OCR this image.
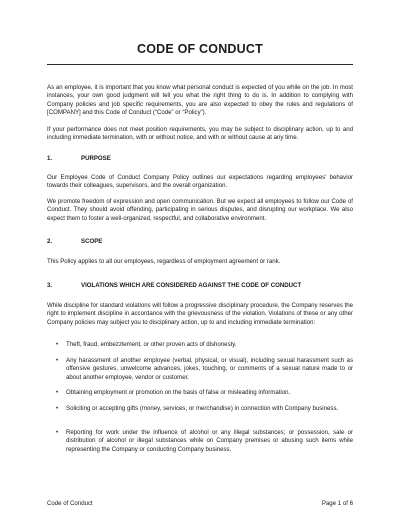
CODE OF CONDUCT

As an employee, it is important that you know what personal conduct is expected of you while on the job. In most instances, your own good judgment will tell you what the right thing to do is. In addition to complying with Company policies and job specific requirements, you are also expected to obey the rules and regulations of [COMPANY] and this Code of Conduct (“Code” or “Policy”).

If your performance does not meet position requirements, you may be subject to disciplinary action, up to and including immediate termination, with or without notice, and with or without cause at any time.

1.	PURPOSE

Our Employee Code of Conduct Company Policy outlines our expectations regarding employees’ behavior towards their colleagues, supervisors, and the overall organization.

We promote freedom of expression and open communication. But we expect all employees to follow our Code of Conduct. They should avoid offending, participating in serious disputes, and disrupting our workplace. We also expect them to foster a well-organized, respectful, and collaborative environment.

2.	SCOPE

This Policy applies to all our employees, regardless of employment agreement or rank.

3.	VIOLATIONS WHICH ARE CONSIDERED AGAINST THE CODE OF CONDUCT

While discipline for standard violations will follow a progressive disciplinary procedure, the Company reserves the right to implement discipline in accordance with the grievousness of the violation. Violations of these or any other Company policies may subject you to disciplinary action, up to and including immediate termination:

• Theft, fraud, embezzlement, or other proven acts of dishonesty.
• Any harassment of another employee (verbal, physical, or visual), including sexual harassment such as offensive gestures, unwelcome advances, jokes, touching, or comments of a sexual nature made to or about another employee, vendor or customer.
• Obtaining employment or promotion on the basis of false or misleading information.
• Soliciting or accepting gifts (money, services, or merchandise) in connection with Company business.
• Reporting for work under the influence of alcohol or any illegal substances; or possession, sale or distribution of alcohol or illegal substances while on Company premises or abusing such items while representing the Company or conducting Company business.
Code of Conduct	Page 1 of 6
